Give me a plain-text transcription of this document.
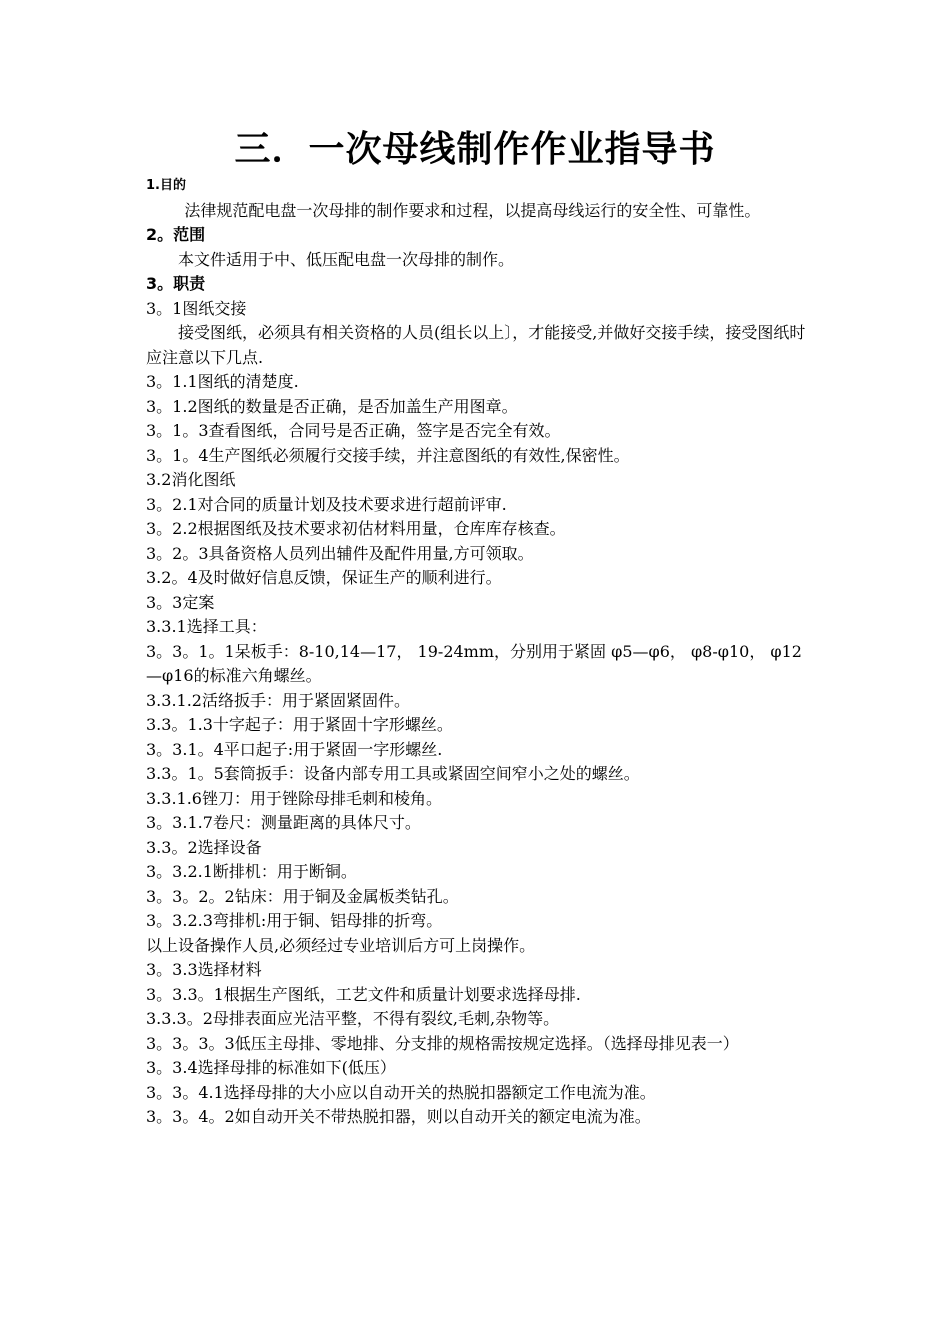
三．一次母线制作作业指导书

1.目的

法律规范配电盘一次母排的制作要求和过程，以提高母线运行的安全性、可靠性。

2。范围

本文件适用于中、低压配电盘一次母排的制作。

3。职责

3。1图纸交接

接受图纸，必须具有相关资格的人员(组长以上〕，才能接受,并做好交接手续，接受图纸时应注意以下几点.

3。1.1图纸的清楚度.

3。1.2图纸的数量是否正确，是否加盖生产用图章。

3。1。3查看图纸，合同号是否正确，签字是否完全有效。

3。1。4生产图纸必须履行交接手续，并注意图纸的有效性,保密性。

3.2消化图纸

3。2.1对合同的质量计划及技术要求进行超前评审.

3。2.2根据图纸及技术要求初估材料用量，仓库库存核查。

3。2。3具备资格人员列出辅件及配件用量,方可领取。

3.2。4及时做好信息反馈，保证生产的顺利进行。

3。3定案

3.3.1选择工具：

3。3。1。1呆板手：8-10,14—17， 19-24mm，分别用于紧固 φ5—φ6， φ8-φ10， φ12—φ16的标准六角螺丝。

3.3.1.2活络扳手：用于紧固紧固件。

3.3。1.3十字起子：用于紧固十字形螺丝。

3。3.1。4平口起子:用于紧固一字形螺丝.

3.3。1。5套筒扳手：设备内部专用工具或紧固空间窄小之处的螺丝。

3.3.1.6锉刀：用于锉除母排毛刺和棱角。

3。3.1.7卷尺：测量距离的具体尺寸。

3.3。2选择设备

3。3.2.1断排机：用于断铜。

3。3。2。2钻床：用于铜及金属板类钻孔。

3。3.2.3弯排机:用于铜、铝母排的折弯。

以上设备操作人员,必须经过专业培训后方可上岗操作。

3。3.3选择材料

3。3.3。1根据生产图纸，工艺文件和质量计划要求选择母排.

3.3.3。2母排表面应光洁平整，不得有裂纹,毛刺,杂物等。

3。3。3。3低压主母排、零地排、分支排的规格需按规定选择。（选择母排见表一）

3。3.4选择母排的标准如下(低压）

3。3。4.1选择母排的大小应以自动开关的热脱扣器额定工作电流为准。

3。3。4。2如自动开关不带热脱扣器，则以自动开关的额定电流为准。
